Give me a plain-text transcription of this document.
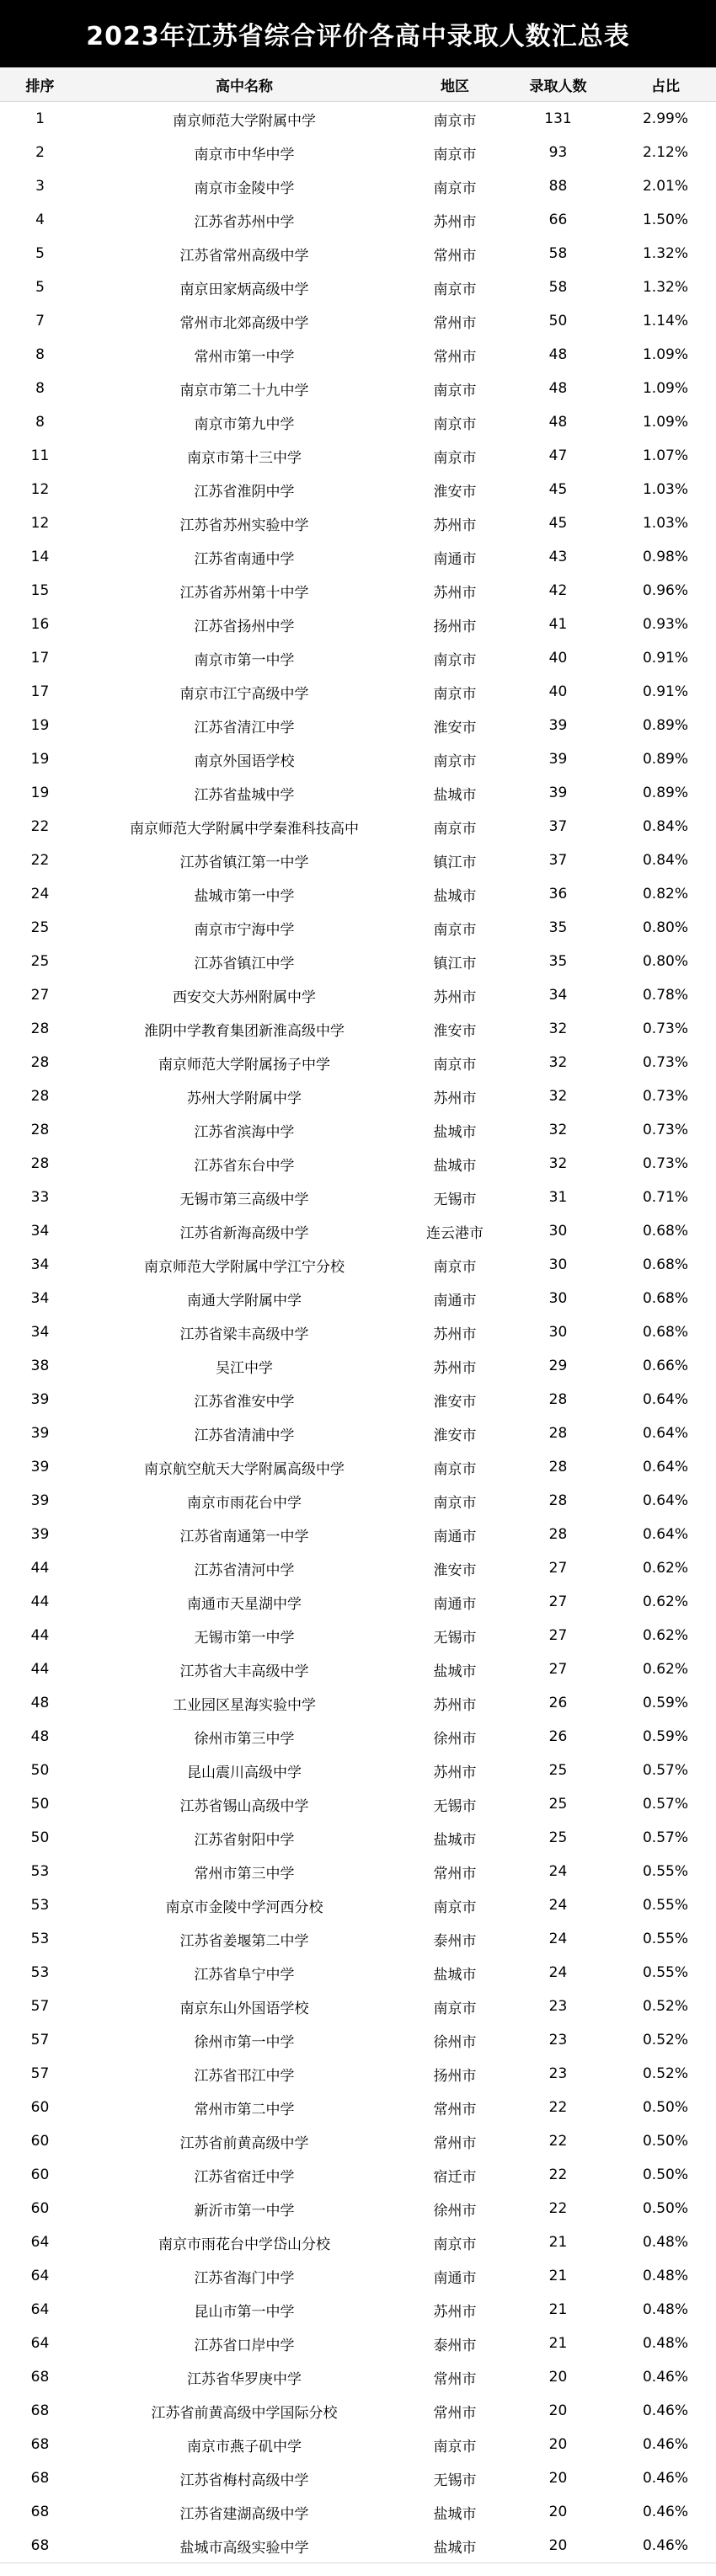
2023年江苏省综合评价各高中录取人数汇总表
排序	高中名称	地区	录取人数	占比
1	南京师范大学附属中学	南京市	131	2.99%
2	南京市中华中学	南京市	93	2.12%
3	南京市金陵中学	南京市	88	2.01%
4	江苏省苏州中学	苏州市	66	1.50%
5	江苏省常州高级中学	常州市	58	1.32%
5	南京田家炳高级中学	南京市	58	1.32%
7	常州市北郊高级中学	常州市	50	1.14%
8	常州市第一中学	常州市	48	1.09%
8	南京市第二十九中学	南京市	48	1.09%
8	南京市第九中学	南京市	48	1.09%
11	南京市第十三中学	南京市	47	1.07%
12	江苏省淮阴中学	淮安市	45	1.03%
12	江苏省苏州实验中学	苏州市	45	1.03%
14	江苏省南通中学	南通市	43	0.98%
15	江苏省苏州第十中学	苏州市	42	0.96%
16	江苏省扬州中学	扬州市	41	0.93%
17	南京市第一中学	南京市	40	0.91%
17	南京市江宁高级中学	南京市	40	0.91%
19	江苏省清江中学	淮安市	39	0.89%
19	南京外国语学校	南京市	39	0.89%
19	江苏省盐城中学	盐城市	39	0.89%
22	南京师范大学附属中学秦淮科技高中	南京市	37	0.84%
22	江苏省镇江第一中学	镇江市	37	0.84%
24	盐城市第一中学	盐城市	36	0.82%
25	南京市宁海中学	南京市	35	0.80%
25	江苏省镇江中学	镇江市	35	0.80%
27	西安交大苏州附属中学	苏州市	34	0.78%
28	淮阴中学教育集团新淮高级中学	淮安市	32	0.73%
28	南京师范大学附属扬子中学	南京市	32	0.73%
28	苏州大学附属中学	苏州市	32	0.73%
28	江苏省滨海中学	盐城市	32	0.73%
28	江苏省东台中学	盐城市	32	0.73%
33	无锡市第三高级中学	无锡市	31	0.71%
34	江苏省新海高级中学	连云港市	30	0.68%
34	南京师范大学附属中学江宁分校	南京市	30	0.68%
34	南通大学附属中学	南通市	30	0.68%
34	江苏省梁丰高级中学	苏州市	30	0.68%
38	吴江中学	苏州市	29	0.66%
39	江苏省淮安中学	淮安市	28	0.64%
39	江苏省清浦中学	淮安市	28	0.64%
39	南京航空航天大学附属高级中学	南京市	28	0.64%
39	南京市雨花台中学	南京市	28	0.64%
39	江苏省南通第一中学	南通市	28	0.64%
44	江苏省清河中学	淮安市	27	0.62%
44	南通市天星湖中学	南通市	27	0.62%
44	无锡市第一中学	无锡市	27	0.62%
44	江苏省大丰高级中学	盐城市	27	0.62%
48	工业园区星海实验中学	苏州市	26	0.59%
48	徐州市第三中学	徐州市	26	0.59%
50	昆山震川高级中学	苏州市	25	0.57%
50	江苏省锡山高级中学	无锡市	25	0.57%
50	江苏省射阳中学	盐城市	25	0.57%
53	常州市第三中学	常州市	24	0.55%
53	南京市金陵中学河西分校	南京市	24	0.55%
53	江苏省姜堰第二中学	泰州市	24	0.55%
53	江苏省阜宁中学	盐城市	24	0.55%
57	南京东山外国语学校	南京市	23	0.52%
57	徐州市第一中学	徐州市	23	0.52%
57	江苏省邗江中学	扬州市	23	0.52%
60	常州市第二中学	常州市	22	0.50%
60	江苏省前黄高级中学	常州市	22	0.50%
60	江苏省宿迁中学	宿迁市	22	0.50%
60	新沂市第一中学	徐州市	22	0.50%
64	南京市雨花台中学岱山分校	南京市	21	0.48%
64	江苏省海门中学	南通市	21	0.48%
64	昆山市第一中学	苏州市	21	0.48%
64	江苏省口岸中学	泰州市	21	0.48%
68	江苏省华罗庚中学	常州市	20	0.46%
68	江苏省前黄高级中学国际分校	常州市	20	0.46%
68	南京市燕子矶中学	南京市	20	0.46%
68	江苏省梅村高级中学	无锡市	20	0.46%
68	江苏省建湖高级中学	盐城市	20	0.46%
68	盐城市高级实验中学	盐城市	20	0.46%
